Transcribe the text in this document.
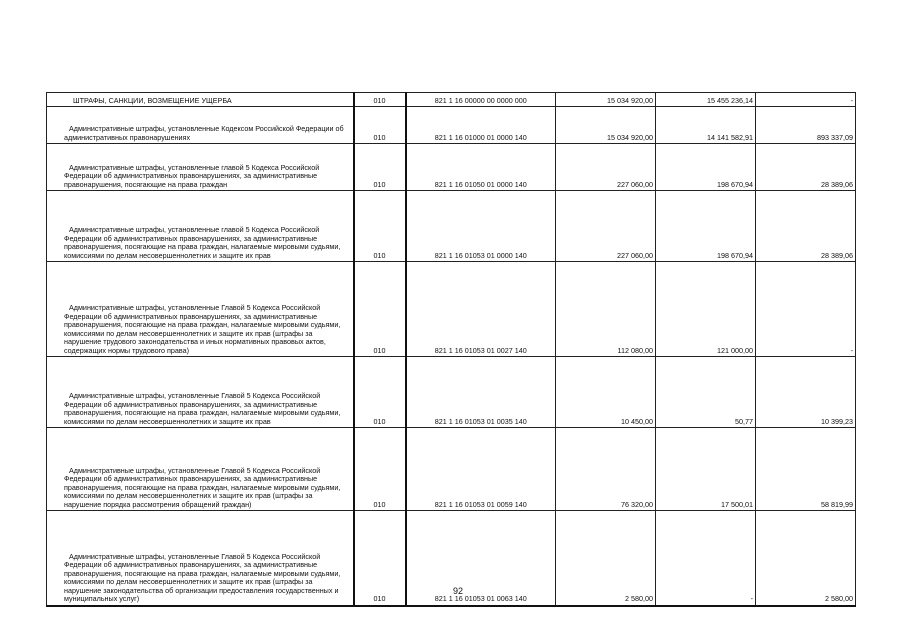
ШТРАФЫ, САНКЦИИ, ВОЗМЕЩЕНИЕ УЩЕРБА	010	821 1 16 00000 00 0000 000	15 034 920,00	15 455 236,14	-
Административные штрафы, установленные Кодексом Российской Федерации об административных правонарушениях	010	821 1 16 01000 01 0000 140	15 034 920,00	14 141 582,91	893 337,09
Административные штрафы, установленные главой 5 Кодекса Российской Федерации об административных правонарушениях, за административные правонарушения, посягающие на права граждан	010	821 1 16 01050 01 0000 140	227 060,00	198 670,94	28 389,06
Административные штрафы, установленные главой 5 Кодекса Российской Федерации об административных правонарушениях, за административные правонарушения, посягающие на права граждан, налагаемые мировыми судьями, комиссиями по делам несовершеннолетних и защите их прав	010	821 1 16 01053 01 0000 140	227 060,00	198 670,94	28 389,06
Административные штрафы, установленные Главой 5 Кодекса Российской Федерации об административных правонарушениях, за административные правонарушения, посягающие на права граждан, налагаемые мировыми судьями, комиссиями по делам несовершеннолетних и защите их прав (штрафы за нарушение трудового законодательства и иных нормативных правовых актов, содержащих нормы трудового права)	010	821 1 16 01053 01 0027 140	112 080,00	121 000,00	-
Административные штрафы, установленные Главой 5 Кодекса Российской Федерации об административных правонарушениях, за административные правонарушения, посягающие на права граждан, налагаемые мировыми судьями, комиссиями по делам несовершеннолетних и защите их прав	010	821 1 16 01053 01 0035 140	10 450,00	50,77	10 399,23
Административные штрафы, установленные Главой 5 Кодекса Российской Федерации об административных правонарушениях, за административные правонарушения, посягающие на права граждан, налагаемые мировыми судьями, комиссиями по делам несовершеннолетних и защите их прав (штрафы за нарушение порядка рассмотрения обращений граждан)	010	821 1 16 01053 01 0059 140	76 320,00	17 500,01	58 819,99
Административные штрафы, установленные Главой 5 Кодекса Российской Федерации об административных правонарушениях, за административные правонарушения, посягающие на права граждан, налагаемые мировыми судьями, комиссиями по делам несовершеннолетних и защите их прав (штрафы за нарушение законодательства об организации предоставления государственных и муниципальных услуг)	010	821 1 16 01053 01 0063 140	2 580,00	-	2 580,00
92
